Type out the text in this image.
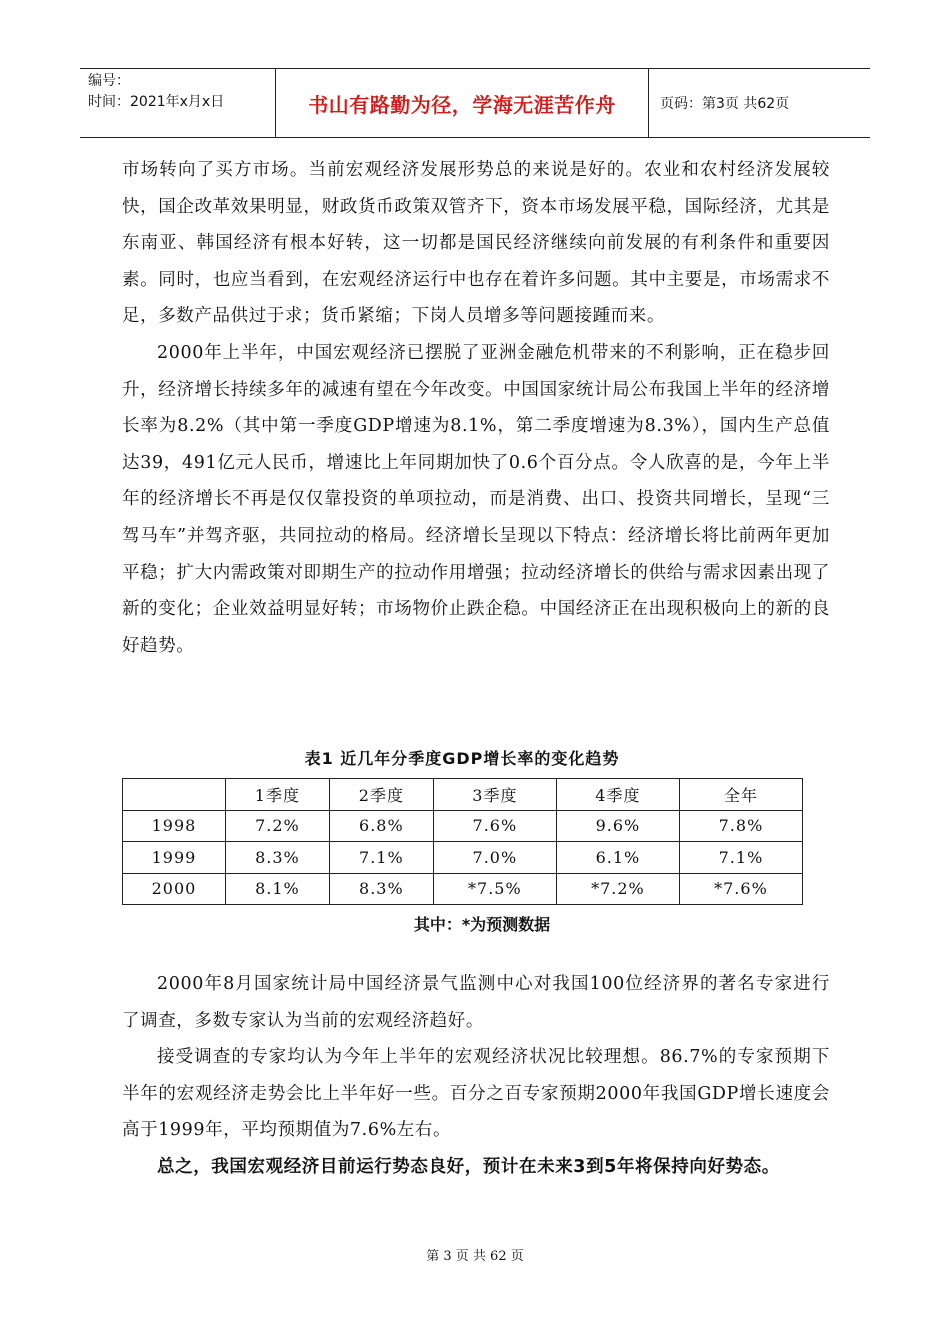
编号：
时间：2021年x月x日	书山有路勤为径，学海无涯苦作舟	页码：第3页 共62页

市场转向了买方市场。当前宏观经济发展形势总的来说是好的。农业和农村经济发展较快，国企改革效果明显，财政货币政策双管齐下，资本市场发展平稳，国际经济，尤其是东南亚、韩国经济有根本好转，这一切都是国民经济继续向前发展的有利条件和重要因素。同时，也应当看到，在宏观经济运行中也存在着许多问题。其中主要是，市场需求不足，多数产品供过于求；货币紧缩；下岗人员增多等问题接踵而来。

2000年上半年，中国宏观经济已摆脱了亚洲金融危机带来的不利影响，正在稳步回升，经济增长持续多年的减速有望在今年改变。中国国家统计局公布我国上半年的经济增长率为8.2%（其中第一季度GDP增速为8.1%，第二季度增速为8.3%），国内生产总值达39，491亿元人民币，增速比上年同期加快了0.6个百分点。令人欣喜的是，今年上半年的经济增长不再是仅仅靠投资的单项拉动，而是消费、出口、投资共同增长，呈现“三驾马车”并驾齐驱，共同拉动的格局。经济增长呈现以下特点：经济增长将比前两年更加平稳；扩大内需政策对即期生产的拉动作用增强；拉动经济增长的供给与需求因素出现了新的变化；企业效益明显好转；市场物价止跌企稳。中国经济正在出现积极向上的新的良好趋势。

表1 近几年分季度GDP增长率的变化趋势
	1季度	2季度	3季度	4季度	全年
1998	7.2%	6.8%	7.6%	9.6%	7.8%
1999	8.3%	7.1%	7.0%	6.1%	7.1%
2000	8.1%	8.3%	*7.5%	*7.2%	*7.6%
其中：*为预测数据

2000年8月国家统计局中国经济景气监测中心对我国100位经济界的著名专家进行了调查，多数专家认为当前的宏观经济趋好。

接受调查的专家均认为今年上半年的宏观经济状况比较理想。86.7%的专家预期下半年的宏观经济走势会比上半年好一些。百分之百专家预期2000年我国GDP增长速度会高于1999年，平均预期值为7.6%左右。

总之，我国宏观经济目前运行势态良好，预计在未来3到5年将保持向好势态。

第 3 页 共 62 页
